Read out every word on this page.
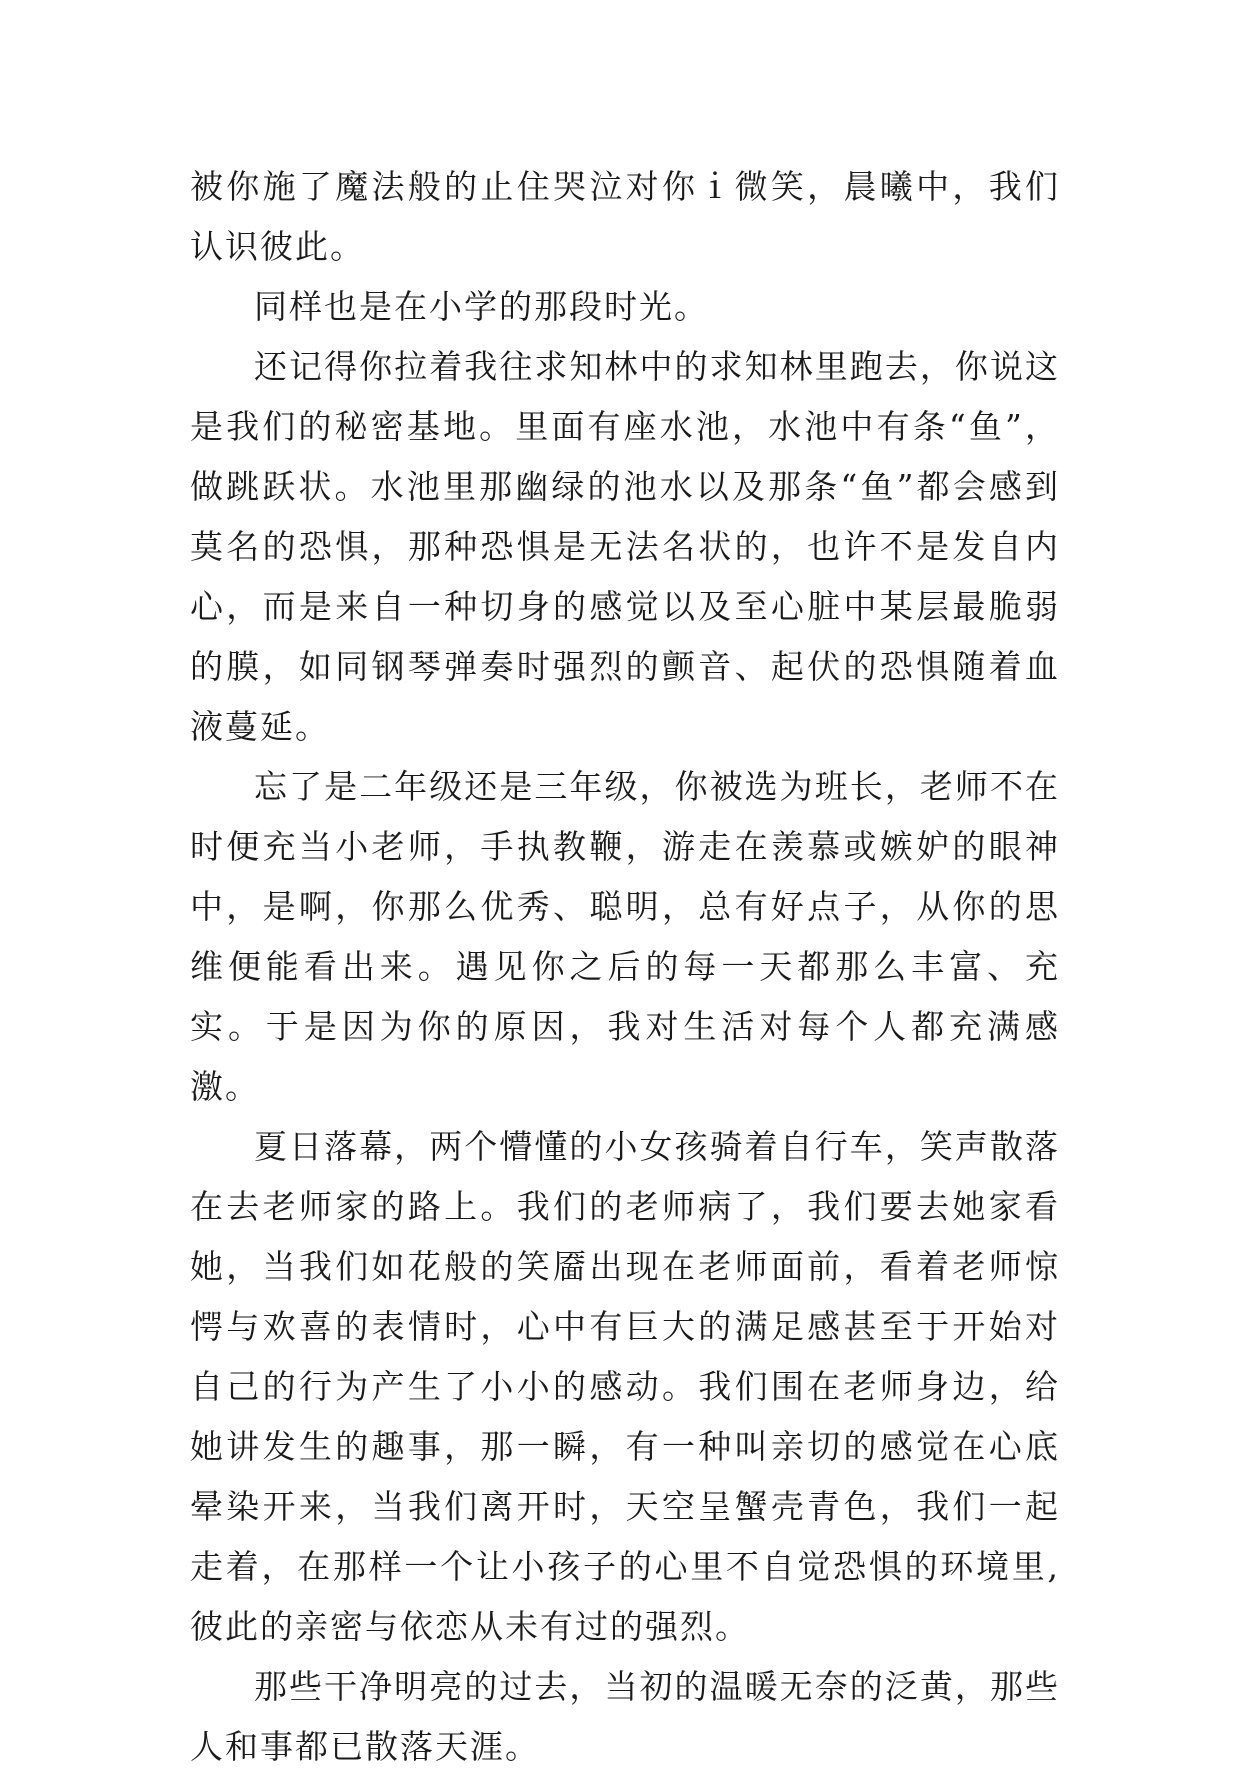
被你施了魔法般的止住哭泣对你ｉ微笑，晨曦中，我们认识彼此。

同样也是在小学的那段时光。

还记得你拉着我往求知林中的求知林里跑去，你说这是我们的秘密基地。里面有座水池，水池中有条“鱼”，做跳跃状。水池里那幽绿的池水以及那条“鱼”都会感到莫名的恐惧，那种恐惧是无法名状的，也许不是发自内心，而是来自一种切身的感觉以及至心脏中某层最脆弱的膜，如同钢琴弹奏时强烈的颤音、起伏的恐惧随着血液蔓延。

忘了是二年级还是三年级，你被选为班长，老师不在时便充当小老师，手执教鞭，游走在羡慕或嫉妒的眼神中，是啊，你那么优秀、聪明，总有好点子，从你的思维便能看出来。遇见你之后的每一天都那么丰富、充实。于是因为你的原因，我对生活对每个人都充满感激。

夏日落幕，两个懵懂的小女孩骑着自行车，笑声散落在去老师家的路上。我们的老师病了，我们要去她家看她，当我们如花般的笑靥出现在老师面前，看着老师惊愕与欢喜的表情时，心中有巨大的满足感甚至于开始对自己的行为产生了小小的感动。我们围在老师身边，给她讲发生的趣事，那一瞬，有一种叫亲切的感觉在心底晕染开来，当我们离开时，天空呈蟹壳青色，我们一起走着，在那样一个让小孩子的心里不自觉恐惧的环境里,彼此的亲密与依恋从未有过的强烈。

那些干净明亮的过去，当初的温暖无奈的泛黄，那些人和事都已散落天涯。
